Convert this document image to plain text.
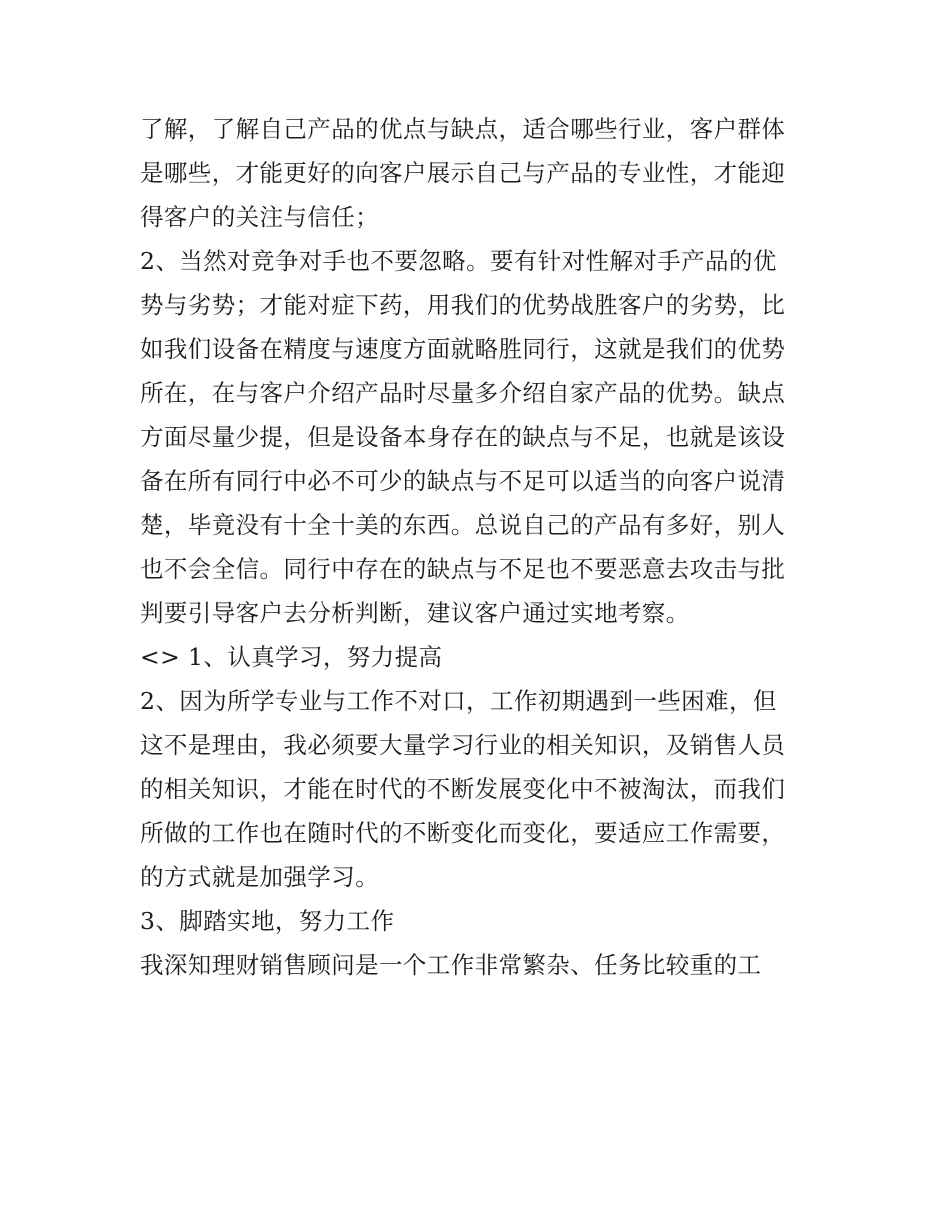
了解，了解自己产品的优点与缺点，适合哪些行业，客户群体
是哪些，才能更好的向客户展示自己与产品的专业性，才能迎
得客户的关注与信任；
2、当然对竞争对手也不要忽略。要有针对性解对手产品的优
势与劣势；才能对症下药，用我们的优势战胜客户的劣势，比
如我们设备在精度与速度方面就略胜同行，这就是我们的优势
所在，在与客户介绍产品时尽量多介绍自家产品的优势。缺点
方面尽量少提，但是设备本身存在的缺点与不足，也就是该设
备在所有同行中必不可少的缺点与不足可以适当的向客户说清
楚，毕竟没有十全十美的东西。总说自己的产品有多好，别人
也不会全信。同行中存在的缺点与不足也不要恶意去攻击与批
判要引导客户去分析判断，建议客户通过实地考察。
<> 1、认真学习，努力提高
2、因为所学专业与工作不对口，工作初期遇到一些困难，但
这不是理由，我必须要大量学习行业的相关知识，及销售人员
的相关知识，才能在时代的不断发展变化中不被淘汰，而我们
所做的工作也在随时代的不断变化而变化，要适应工作需要，
的方式就是加强学习。
3、脚踏实地，努力工作
我深知理财销售顾问是一个工作非常繁杂、任务比较重的工
